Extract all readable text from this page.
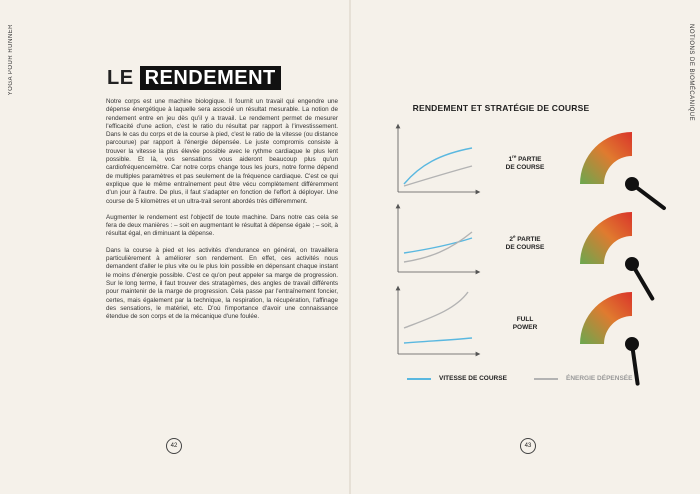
YOGA POUR RUNNER	NOTIONS DE BIOMÉCANIQUE
LE RENDEMENT

Notre corps est une machine biologique. Il fournit un travail qui engendre une dépense énergétique à laquelle sera associé un résultat mesurable. La notion de rendement entre en jeu dès qu'il y a travail. Le rendement permet de mesurer l'efficacité d'une action, c'est le ratio du résultat par rapport à l'investissement. Dans le cas du corps et de la course à pied, c'est le ratio de la vitesse (ou distance parcourue) par rapport à l'énergie dépensée. Le juste compromis consiste à trouver la vitesse la plus élevée possible avec le rythme cardiaque le plus lent possible. Et là, vos sensations vous aideront beaucoup plus qu'un cardiofréquencemètre. Car notre corps change tous les jours, notre forme dépend de multiples paramètres et pas seulement de la fréquence cardiaque. C'est ce qui explique que le même entraînement peut être vécu complètement différemment d'un jour à l'autre. De plus, il faut s'adapter en fonction de l'effort à déployer. Une course de 5 kilomètres et un ultra-trail seront abordés très différemment.

Augmenter le rendement est l'objectif de toute machine. Dans notre cas cela se fera de deux manières : – soit en augmentant le résultat à dépense égale ; – soit, à résultat égal, en diminuant la dépense.

Dans la course à pied et les activités d'endurance en général, on travaillera particulièrement à améliorer son rendement. En effet, ces activités nous demandent d'aller le plus vite ou le plus loin possible en dépensant chaque instant le moins d'énergie possible. C'est ce qu'on peut appeler sa marge de progression. Sur le long terme, il faut trouver des stratagèmes, des angles de travail différents pour maintenir de la marge de progression. Cela passe par l'entraînement foncier, certes, mais également par la technique, la respiration, la récupération, l'affinage des sensations, le matériel, etc. D'où l'importance d'avoir une connaissance étendue de son corps et de la mécanique d'une foulée.

42	43
RENDEMENT ET STRATÉGIE DE COURSE
1re PARTIE
DE COURSE
2e PARTIE
DE COURSE
FULL
POWER
VITESSE DE COURSE	ÉNERGIE DÉPENSÉE
